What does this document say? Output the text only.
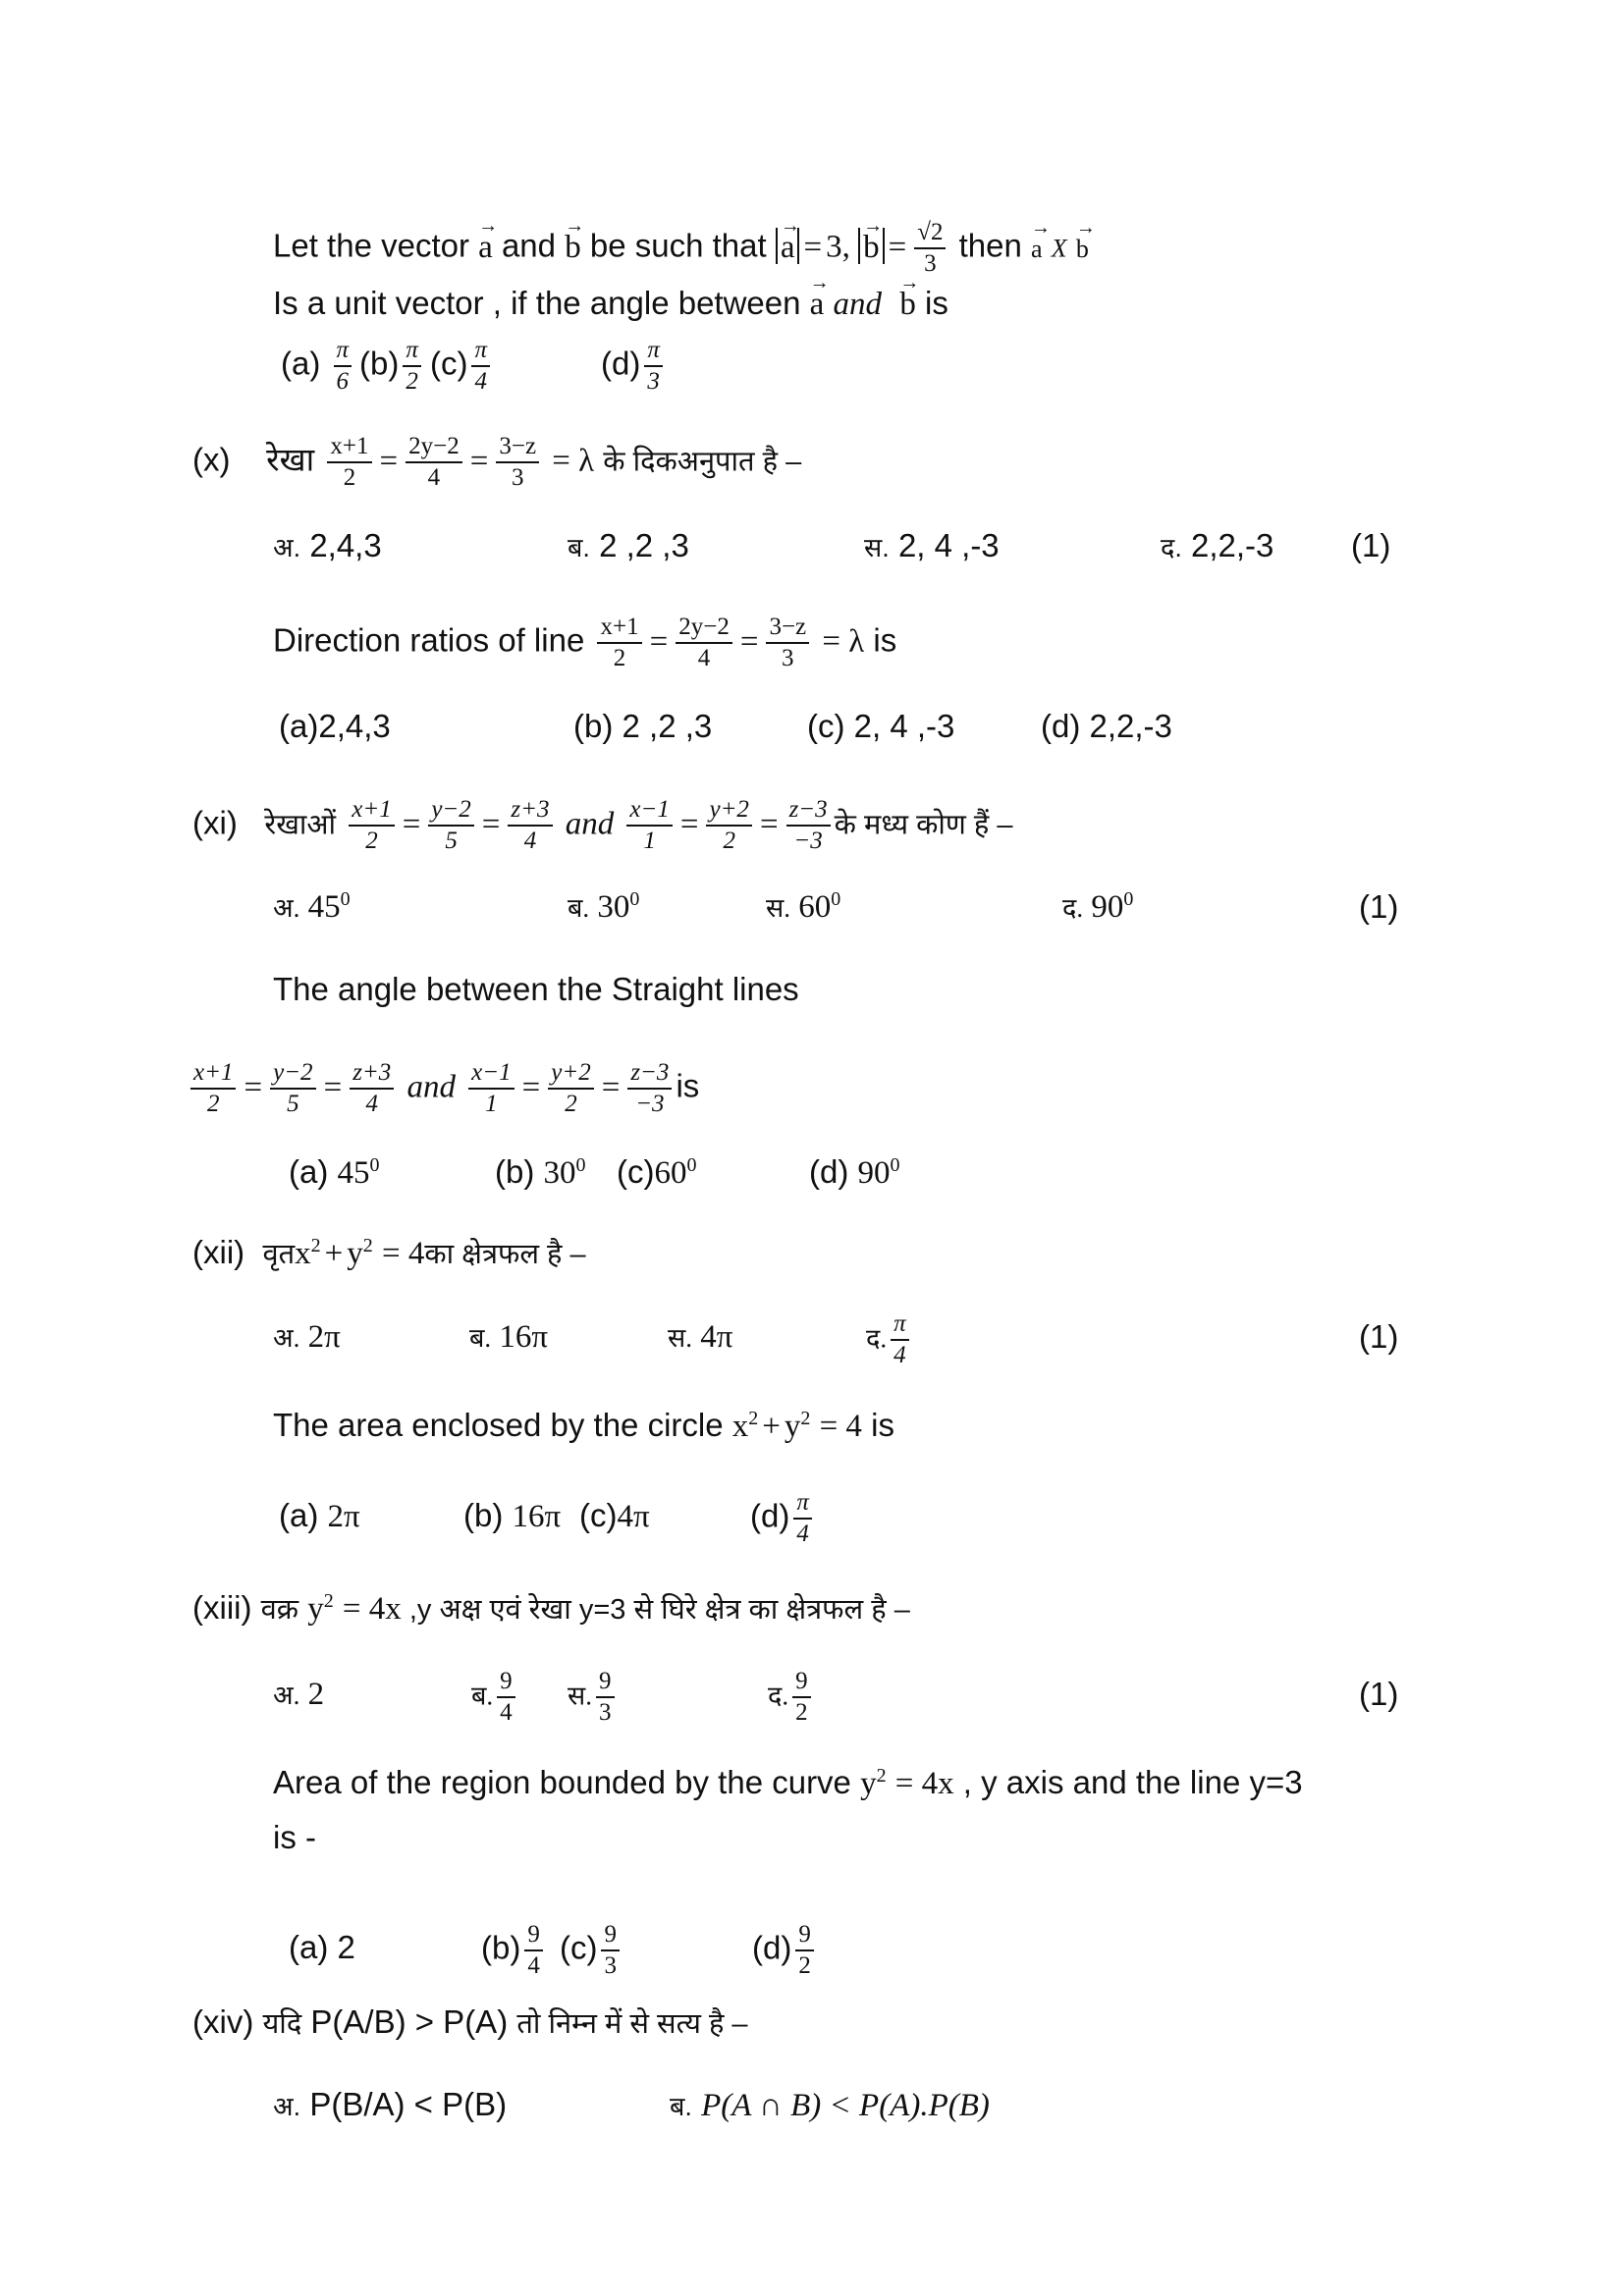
Let the vector → a and → b be such that → a = 3, → $b = \frac{√2}{3}$ then → a X → b
Is a unit vector , if the angle between → a and → b is
$(a) \frac{\pi}{6} (b) \frac{\pi}{2} (c) \frac{\pi}{4}$	$(d) \frac{\pi}{3}$
(x) रेखा $\frac{x+1}{2} = \frac{2y-2}{4} = \frac{3-z}{3} = \lambda$ के दिकअनुपात है –
अ. 2,4,3	ब. 2 ,2 ,3	स. 2, 4 ,-3	द. 2,2,-3 (1)
Direction ratios of line $\frac{x+1}{2} = \frac{2y-2}{4} = \frac{3-z}{3} = \lambda$ is
(a)2,4,3	(b) 2 ,2 ,3	(c) 2, 4 ,-3	(d) 2,2,-3
(xi) रेखाओं $\frac{x+1}{2} = \frac{y-2}{5} = \frac{z+3}{4}$ and $\frac{x-1}{1} = \frac{y+2}{2} = \frac{z-3}{-3}$ के मध्य कोण हैं –
अ. $45^0$	ब. $30^0$	स. $60^0$	द. $90^0$	(1)
The angle between the Straight lines
$\frac{x+1}{2} = \frac{y-2}{5} = \frac{z+3}{4}$ and $\frac{x-1}{1} = \frac{y+2}{2} = \frac{z-3}{-3}$ is
(a) $45^0$	(b) $30^0$ $(c)60^0$	(d) $90^0$
(xii) वृतx$^2$ + $y^2$ = 4का क्षेत्रफल है –
अ. 2π	ब. 16π	स. 4π	द. $\frac{\pi}{4}$	(1)
The area enclosed by the circle $x^2 + y^2 = 4$ is
(a) 2π	(b) 16π (c)4π	$(d) \frac{\pi}{4}$
(xiii) वक्र $y^2 = 4x$ ,y अक्ष एवं रेखा y=3 से घिरे क्षेत्र का क्षेत्रफल है –
अ. 2	ब. $\frac{9}{4}$ स. $\frac{9}{3}$	द. $\frac{9}{2}$	(1)
Area of the region bounded by the curve $y^2 = 4x$ , y axis and the line y=3
is -
(a) 2	$(b) \frac{9}{4} (c) \frac{9}{3}$	$(d) \frac{9}{2}$
(xiv) यदि P(A/B) > P(A) तो निम्न में से सत्य है –
अ. P(B/A) < P(B)	ब. P(A ∩ B) < P(A).P(B)
